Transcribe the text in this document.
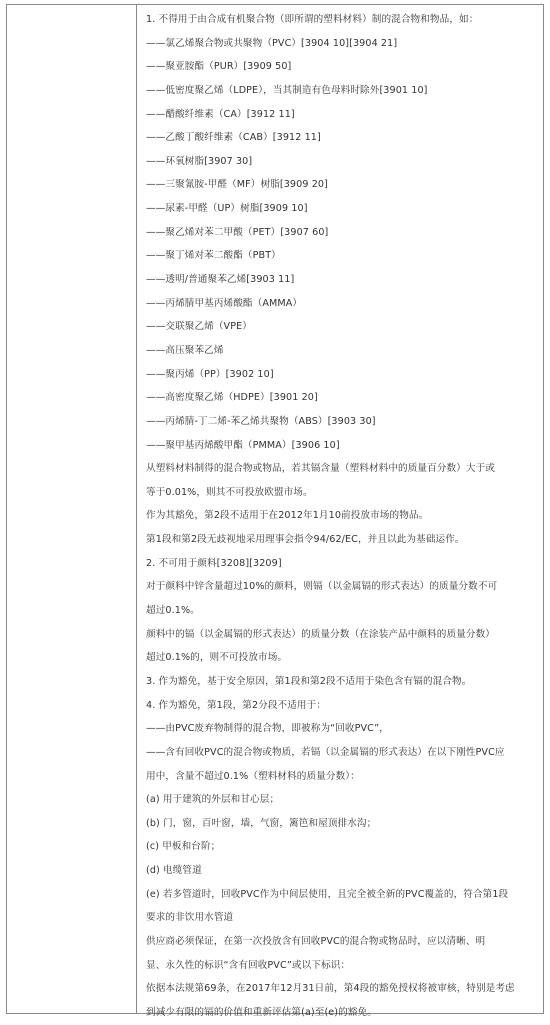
1. 不得用于由合成有机聚合物（即所谓的塑料材料）制的混合物和物品，如：
——氯乙烯聚合物或共聚物（PVC）[3904 10][3904 21]
——聚亚胺酯（PUR）[3909 50]
——低密度聚乙烯（LDPE），当其制造有色母料时除外[3901 10]
——醋酸纤维素（CA）[3912 11]
——乙酸丁酸纤维素（CAB）[3912 11]
——环氧树脂[3907 30]
——三聚氰胺-甲醛（MF）树脂[3909 20]
——尿素-甲醛（UP）树脂[3909 10]
——聚乙烯对苯二甲酸（PET）[3907 60]
——聚丁烯对苯二酸酯（PBT）
——透明/普通聚苯乙烯[3903 11]
——丙烯腈甲基丙烯酸酯（AMMA）
——交联聚乙烯（VPE）
——高压聚苯乙烯
——聚丙烯（PP）[3902 10]
——高密度聚乙烯（HDPE）[3901 20]
——丙烯腈-丁二烯-苯乙烯共聚物（ABS）[3903 30]
——聚甲基丙烯酸甲酯（PMMA）[3906 10]
从塑料材料制得的混合物或物品，若其镉含量（塑料材料中的质量百分数）大于或
等于0.01%，则其不可投放欧盟市场。
作为其豁免，第2段不适用于在2012年1月10前投放市场的物品。
第1段和第2段无歧视地采用理事会指令94/62/EC，并且以此为基础运作。
2. 不可用于颜料[3208][3209]
对于颜料中锌含量超过10%的颜料，则镉（以金属镉的形式表达）的质量分数不可
超过0.1%。
颜料中的镉（以金属镉的形式表达）的质量分数（在涂装产品中颜料的质量分数）
超过0.1%的，则不可投放市场。
3. 作为豁免，基于安全原因，第1段和第2段不适用于染色含有镉的混合物。
4. 作为豁免，第1段，第2分段不适用于：
——由PVC废弃物制得的混合物，即被称为“回收PVC”，
——含有回收PVC的混合物或物质，若镉（以金属镉的形式表达）在以下刚性PVC应
用中，含量不超过0.1%（塑料材料的质量分数）：
(a) 用于建筑的外层和甘心层；
(b) 门，窗，百叶窗，墙，气窗，篱笆和屋顶排水沟；
(c) 甲板和台阶；
(d) 电缆管道
(e) 若多管道时，回收PVC作为中间层使用，且完全被全新的PVC覆盖的，符合第1段
要求的非饮用水管道
供应商必须保证，在第一次投放含有回收PVC的混合物或物品时，应以清晰、明
显、永久性的标识“含有回收PVC”或以下标识：
依据本法规第69条，在2017年12月31日前，第4段的豁免授权将被审核，特别是考虑
到减少有限的镉的价值和重新评估第(a)至(e)的豁免。
